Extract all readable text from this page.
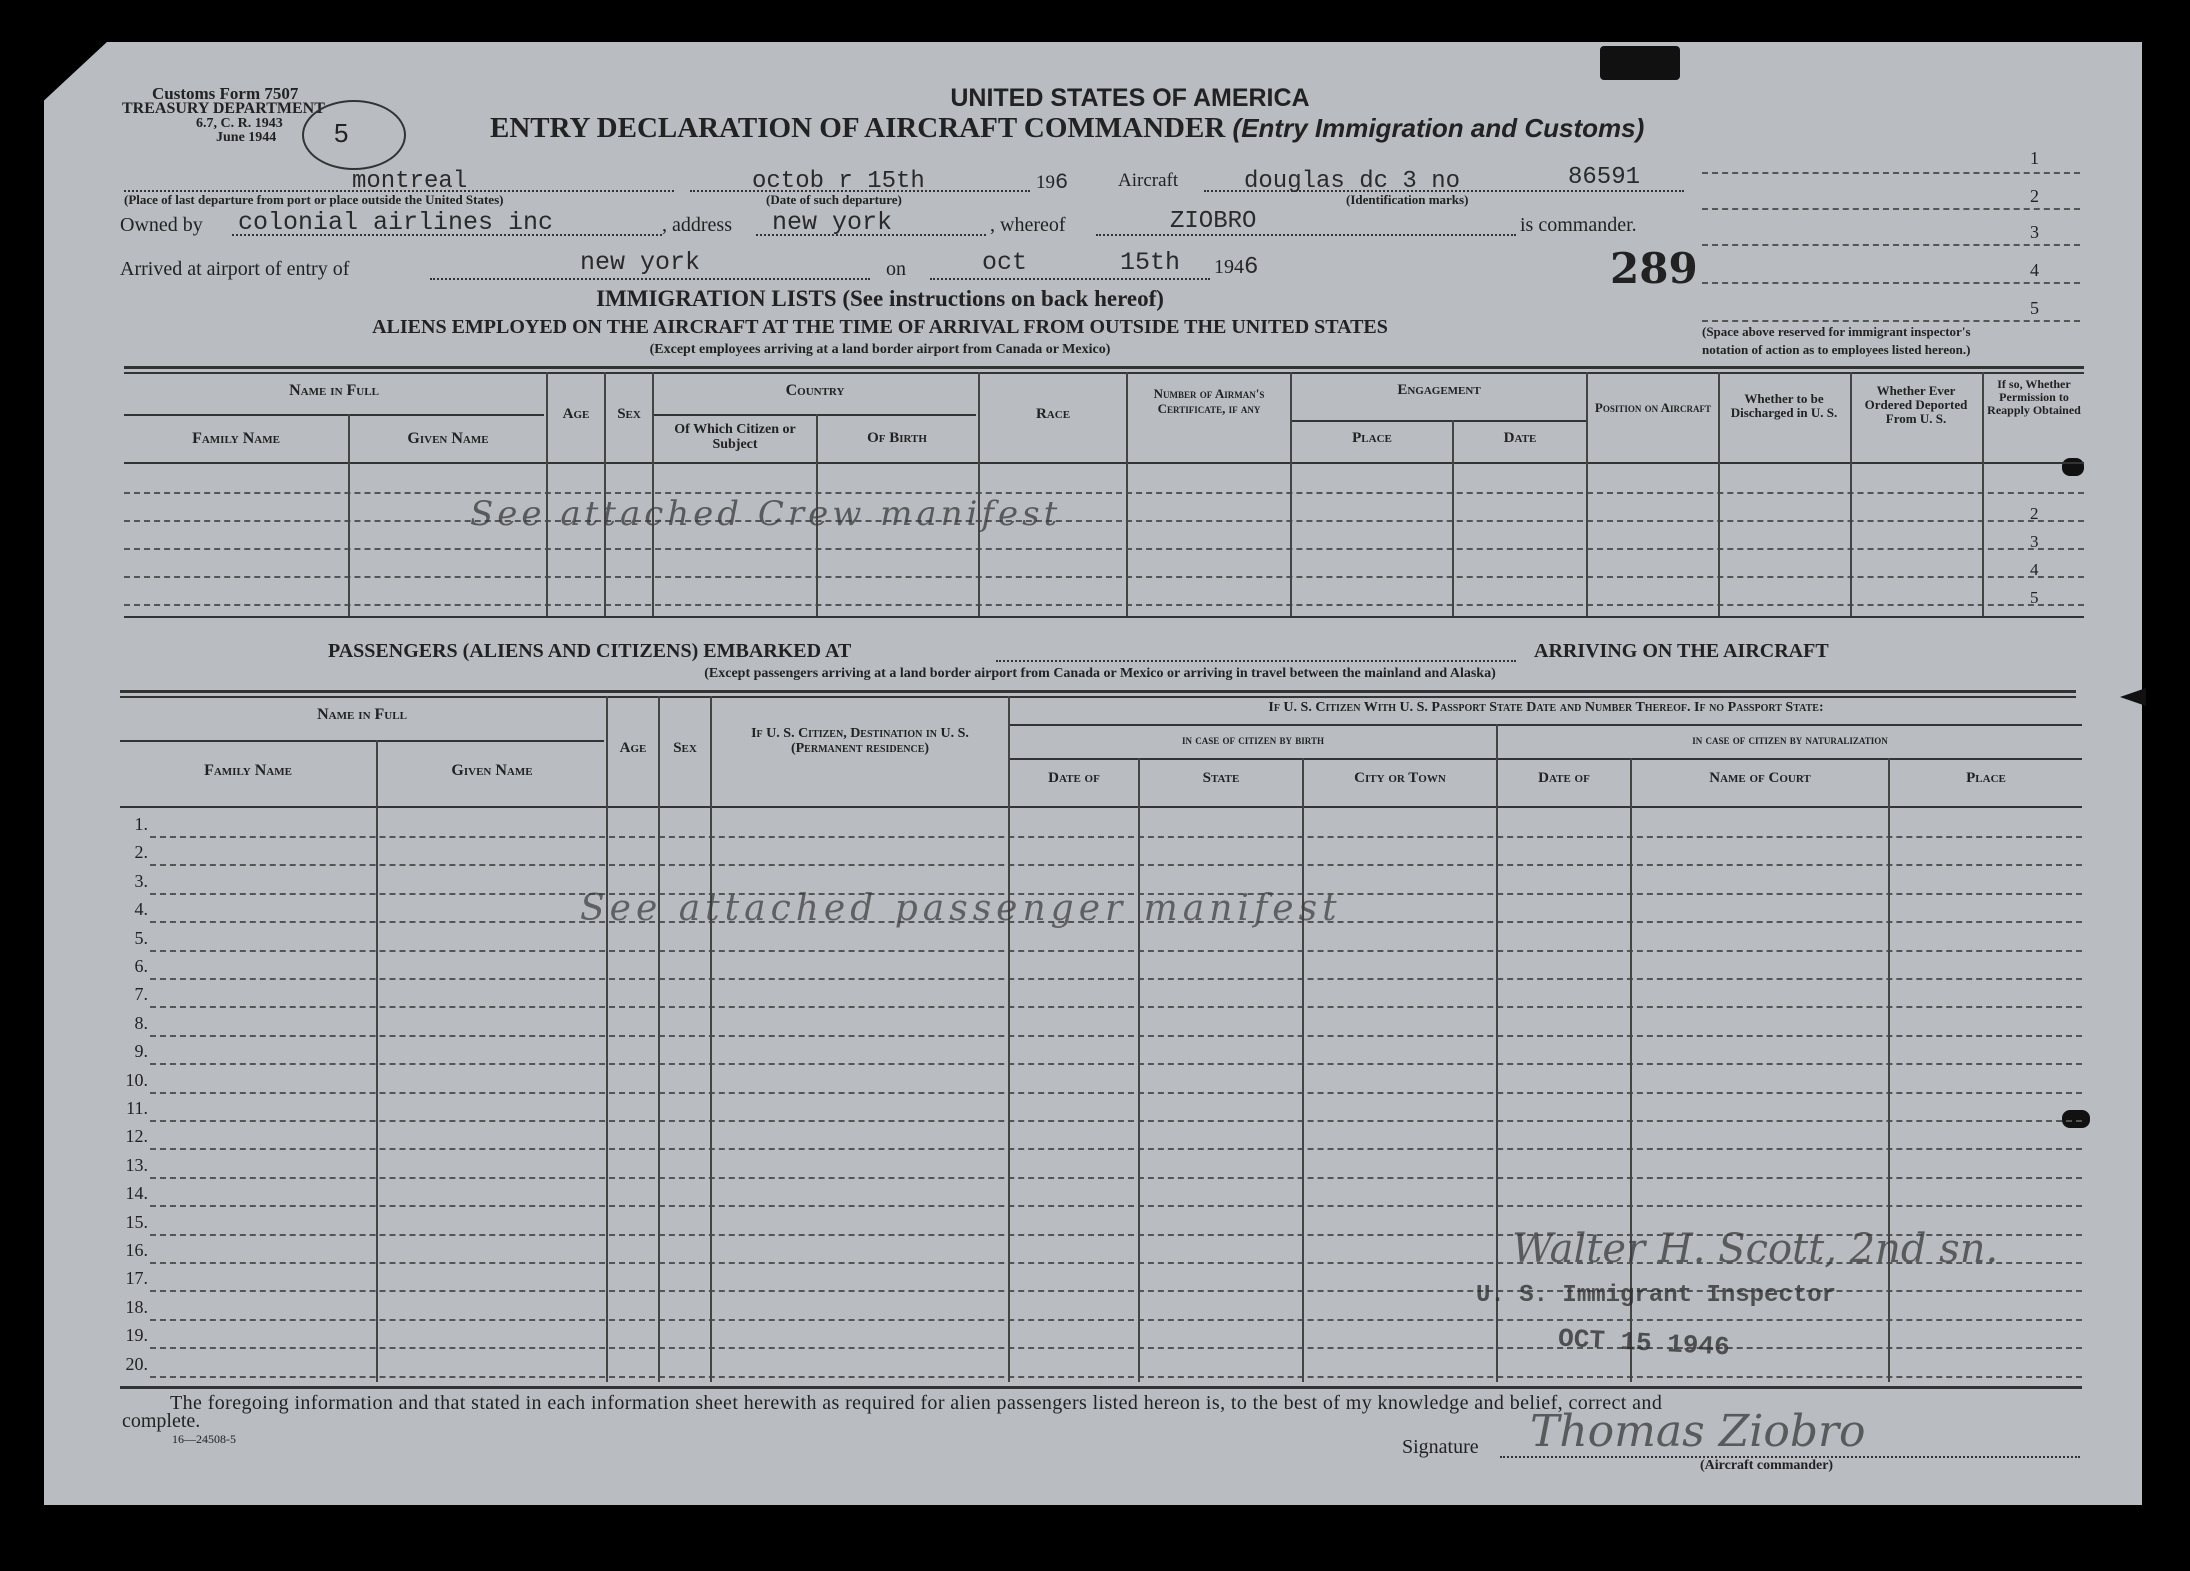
Customs Form 7507
TREASURY DEPARTMENT
6.7, C. R. 1943
June 1944 5
UNITED STATES OF AMERICA
ENTRY DECLARATION OF AIRCRAFT COMMANDER (Entry Immigration and Customs)
1
2
3
4
5
(Space above reserved for immigrant inspector's
notation of action as to employees listed hereon.)
montreal
(Place of last departure from port or place outside the United States)
octob r 15th
(Date of such departure)
196	Aircraft	douglas dc 3 no	86591
(Identification marks)
Owned by colonial airlines inc	, address new york	, whereof	ZIOBRO	is commander.
Arrived at airport of entry of	new york	on	oct	15th 1946	289
IMMIGRATION LISTS (See instructions on back hereof)
ALIENS EMPLOYED ON THE AIRCRAFT AT THE TIME OF ARRIVAL FROM OUTSIDE THE UNITED STATES
(Except employees arriving at a land border airport from Canada or Mexico)
Name in Full
Family Name	Given Name
Age	Sex
Country
Of Which Citizen or Subject	Of Birth
Race
Number of Airman's Certificate, if any
Engagement
Place	Date
Position on Aircraft
Whether to be Discharged in U. S.
Whether Ever Ordered Deported From U. S.
If so, Whether Permission to Reapply Obtained
2
3
4
5
See attached Crew manifest
PASSENGERS (ALIENS AND CITIZENS) EMBARKED AT	ARRIVING ON THE AIRCRAFT
(Except passengers arriving at a land border airport from Canada or Mexico or arriving in travel between the mainland and Alaska)
Name in Full
Family Name	Given Name
Age	Sex
If U. S. Citizen, Destination in U. S. (Permanent residence)
If U. S. Citizen With U. S. Passport State Date and Number Thereof. If no Passport State:
in case of citizen by birth	in case of citizen by naturalization
Date of	State	City or Town	Date of	Name of Court	Place
1.
2.
3.
4.
5.
6.
7.
8.
9.
10.
11.
12.
13.
14.
15.
16.
17.
18.
19.
20.
See attached passenger manifest
Walter H. Scott, 2nd sn.
U. S. Immigrant Inspector
OCT 15 1946
The foregoing information and that stated in each information sheet herewith as required for alien passengers listed hereon is, to the best of my knowledge and belief, correct and
complete.
16—24508-5	Signature Thomas Ziobro
(Aircraft commander)
